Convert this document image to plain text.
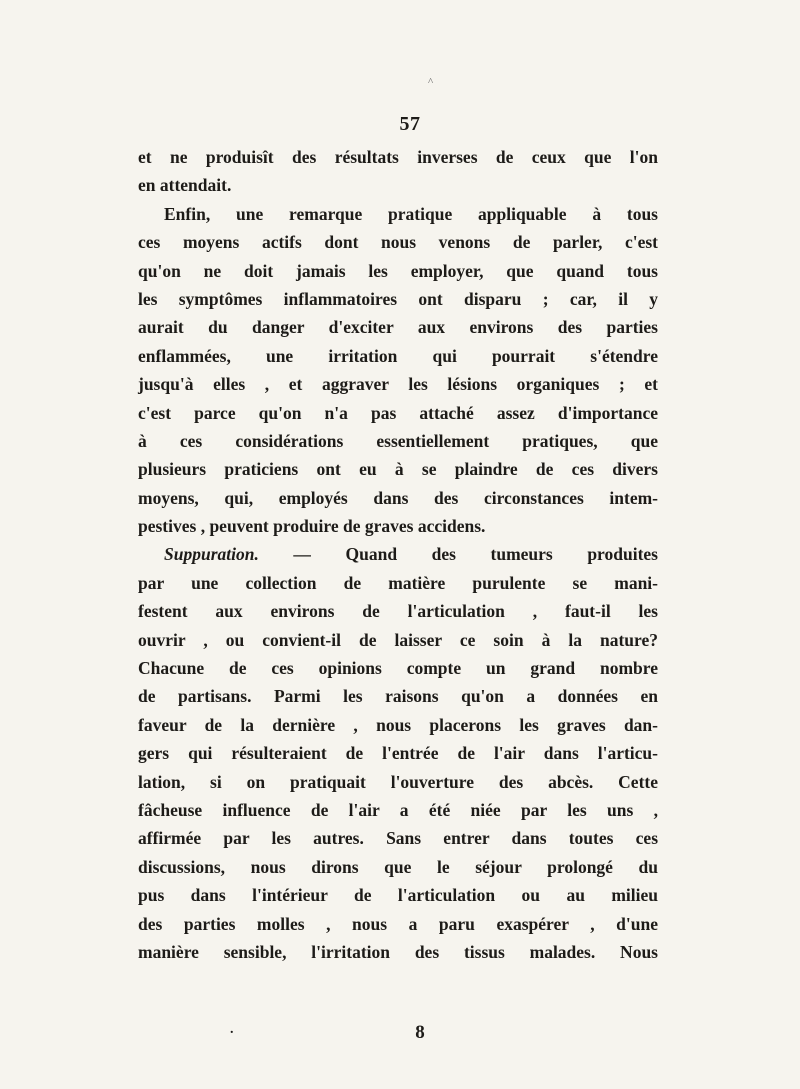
^
57
et ne produisît des résultats inverses de ceux que l'on
en attendait.
Enfin, une remarque pratique appliquable à tous
ces moyens actifs dont nous venons de parler, c'est
qu'on ne doit jamais les employer, que quand tous
les symptômes inflammatoires ont disparu ; car, il y
aurait du danger d'exciter aux environs des parties
enflammées, une irritation qui pourrait s'étendre
jusqu'à elles , et aggraver les lésions organiques ; et
c'est parce qu'on n'a pas attaché assez d'importance
à ces considérations essentiellement pratiques, que
plusieurs praticiens ont eu à se plaindre de ces divers
moyens, qui, employés dans des circonstances intem-
pestives , peuvent produire de graves accidens.
Suppuration. — Quand des tumeurs produites
par une collection de matière purulente se mani-
festent aux environs de l'articulation , faut-il les
ouvrir , ou convient-il de laisser ce soin à la nature?
Chacune de ces opinions compte un grand nombre
de partisans. Parmi les raisons qu'on a données en
faveur de la dernière , nous placerons les graves dan-
gers qui résulteraient de l'entrée de l'air dans l'articu-
lation, si on pratiquait l'ouverture des abcès. Cette
fâcheuse influence de l'air a été niée par les uns ,
affirmée par les autres. Sans entrer dans toutes ces
discussions, nous dirons que le séjour prolongé du
pus dans l'intérieur de l'articulation ou au milieu
des parties molles , nous a paru exaspérer , d'une
manière sensible, l'irritation des tissus malades. Nous
.	8
